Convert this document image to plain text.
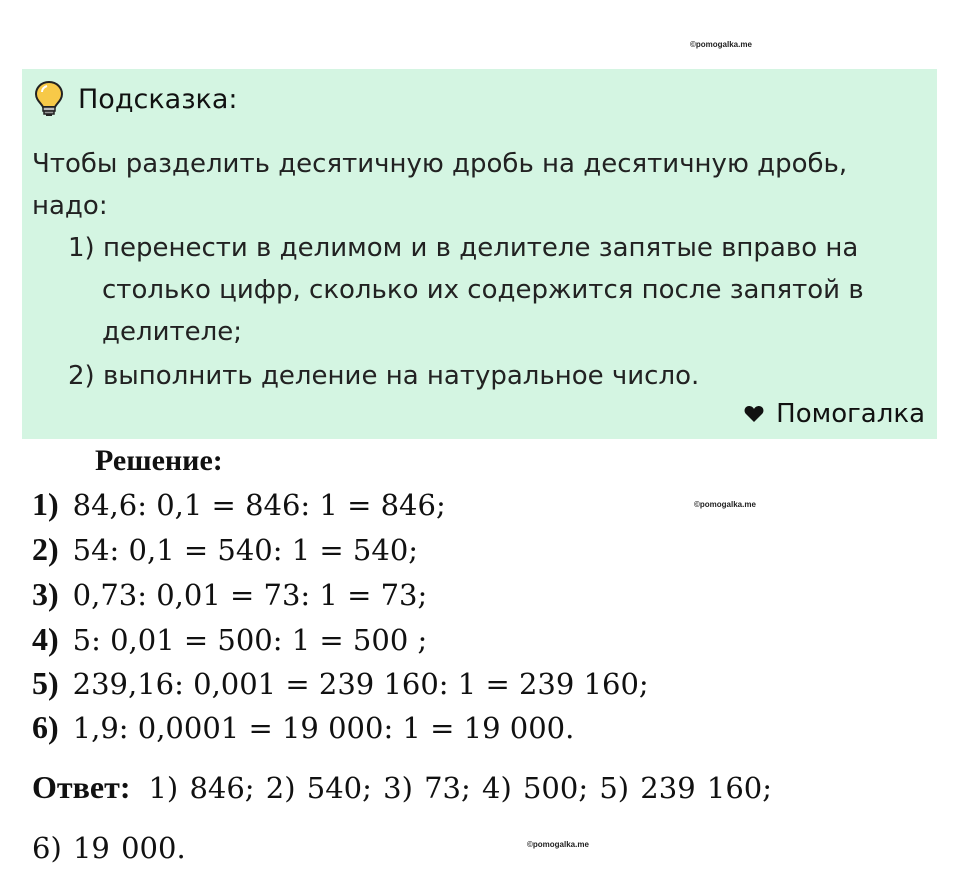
©pomogalka.me
Подсказка:
Чтобы разделить десятичную дробь на десятичную дробь,
надо:
1) перенести в делимом и в делителе запятые вправо на
столько цифр, сколько их содержится после запятой в
делителе;
2) выполнить деление на натуральное число.
Помогалка
Решение:
1) 84,6: 0,1 = 846: 1 = 846;	©pomogalka.me
2) 54: 0,1 = 540: 1 = 540;
3) 0,73: 0,01 = 73: 1 = 73;
4) 5: 0,01 = 500: 1 = 500 ;
5) 239,16: 0,001 = 239 160: 1 = 239 160;
6) 1,9: 0,0001 = 19 000: 1 = 19 000.
Ответ: 1) 846; 2) 540; 3) 73; 4) 500; 5) 239 160;
6) 19 000.	©pomogalka.me
